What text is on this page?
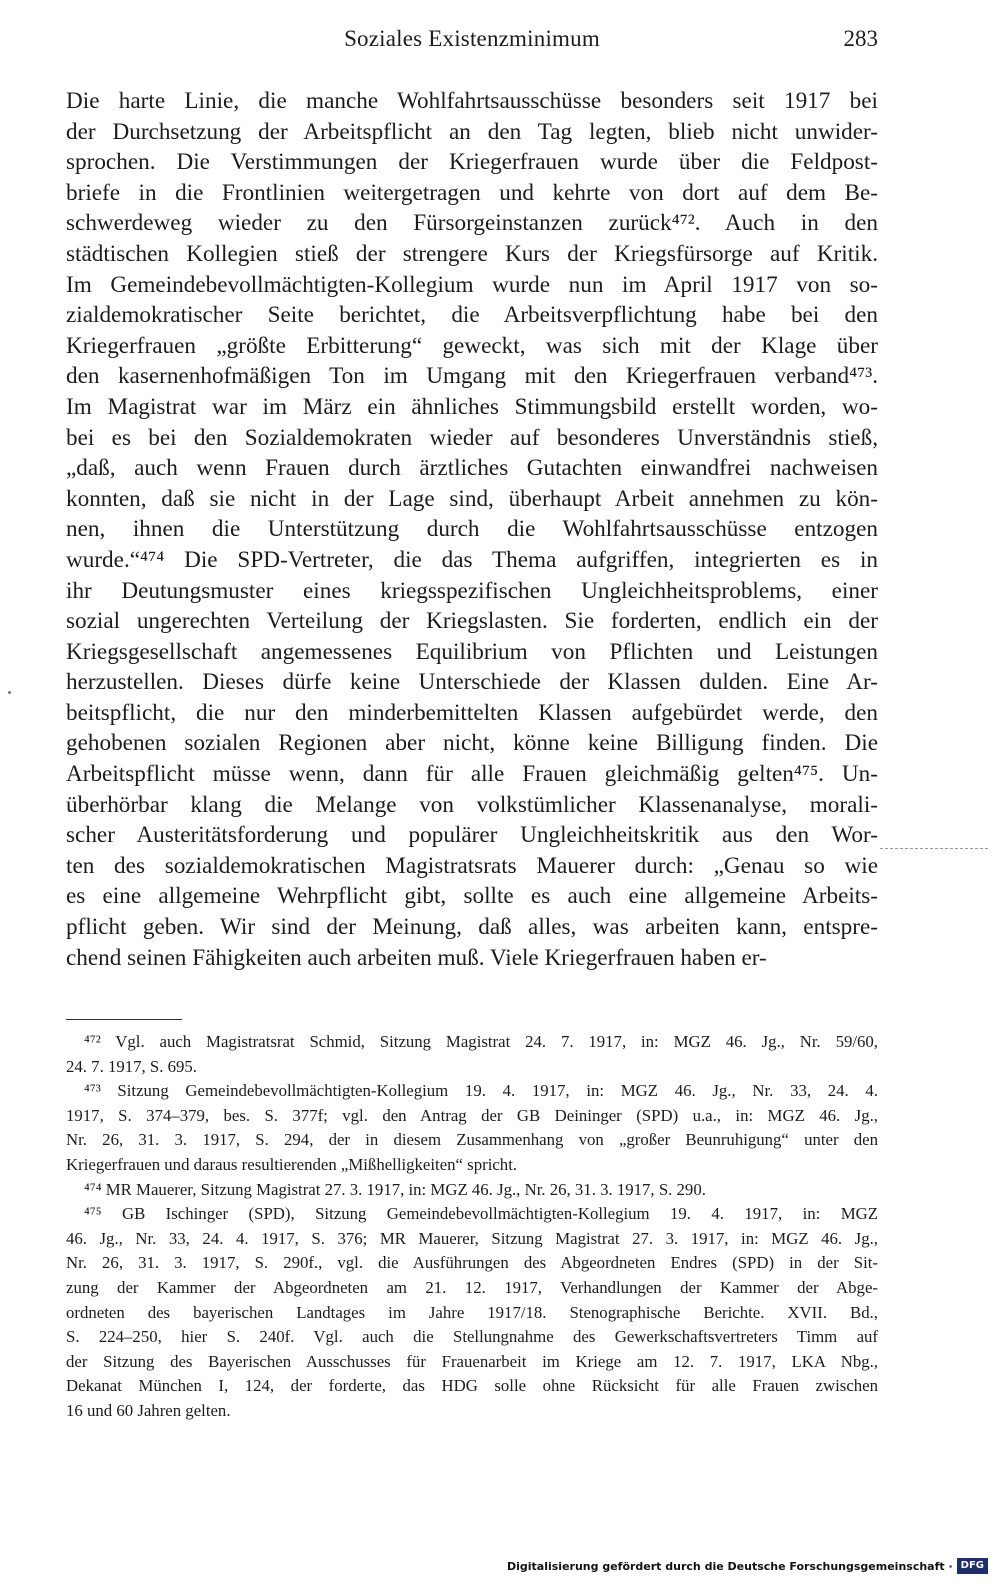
Soziales Existenzminimum	283
Die harte Linie, die manche Wohlfahrtsausschüsse besonders seit 1917 bei
der Durchsetzung der Arbeitspflicht an den Tag legten, blieb nicht unwider-
sprochen. Die Verstimmungen der Kriegerfrauen wurde über die Feldpost-
briefe in die Frontlinien weitergetragen und kehrte von dort auf dem Be-
schwerdeweg wieder zu den Fürsorgeinstanzen zurück⁴⁷². Auch in den
städtischen Kollegien stieß der strengere Kurs der Kriegsfürsorge auf Kritik.
Im Gemeindebevollmächtigten-Kollegium wurde nun im April 1917 von so-
zialdemokratischer Seite berichtet, die Arbeitsverpflichtung habe bei den
Kriegerfrauen „größte Erbitterung“ geweckt, was sich mit der Klage über
den kasernenhofmäßigen Ton im Umgang mit den Kriegerfrauen verband⁴⁷³.
Im Magistrat war im März ein ähnliches Stimmungsbild erstellt worden, wo-
bei es bei den Sozialdemokraten wieder auf besonderes Unverständnis stieß,
„daß, auch wenn Frauen durch ärztliches Gutachten einwandfrei nachweisen
konnten, daß sie nicht in der Lage sind, überhaupt Arbeit annehmen zu kön-
nen, ihnen die Unterstützung durch die Wohlfahrtsausschüsse entzogen
wurde.“⁴⁷⁴ Die SPD-Vertreter, die das Thema aufgriffen, integrierten es in
ihr Deutungsmuster eines kriegsspezifischen Ungleichheitsproblems, einer
sozial ungerechten Verteilung der Kriegslasten. Sie forderten, endlich ein der
Kriegsgesellschaft angemessenes Equilibrium von Pflichten und Leistungen
herzustellen. Dieses dürfe keine Unterschiede der Klassen dulden. Eine Ar-
beitspflicht, die nur den minderbemittelten Klassen aufgebürdet werde, den
gehobenen sozialen Regionen aber nicht, könne keine Billigung finden. Die
Arbeitspflicht müsse wenn, dann für alle Frauen gleichmäßig gelten⁴⁷⁵. Un-
überhörbar klang die Melange von volkstümlicher Klassenanalyse, morali-
scher Austeritätsforderung und populärer Ungleichheitskritik aus den Wor-
ten des sozialdemokratischen Magistratsrats Mauerer durch: „Genau so wie
es eine allgemeine Wehrpflicht gibt, sollte es auch eine allgemeine Arbeits-
pflicht geben. Wir sind der Meinung, daß alles, was arbeiten kann, entspre-
chend seinen Fähigkeiten auch arbeiten muß. Viele Kriegerfrauen haben er-
⁴⁷² Vgl. auch Magistratsrat Schmid, Sitzung Magistrat 24. 7. 1917, in: MGZ 46. Jg., Nr. 59/60,
24. 7. 1917, S. 695.
⁴⁷³ Sitzung Gemeindebevollmächtigten-Kollegium 19. 4. 1917, in: MGZ 46. Jg., Nr. 33, 24. 4.
1917, S. 374–379, bes. S. 377f; vgl. den Antrag der GB Deininger (SPD) u.a., in: MGZ 46. Jg.,
Nr. 26, 31. 3. 1917, S. 294, der in diesem Zusammenhang von „großer Beunruhigung“ unter den
Kriegerfrauen und daraus resultierenden „Mißhelligkeiten“ spricht.
⁴⁷⁴ MR Mauerer, Sitzung Magistrat 27. 3. 1917, in: MGZ 46. Jg., Nr. 26, 31. 3. 1917, S. 290.
⁴⁷⁵ GB Ischinger (SPD), Sitzung Gemeindebevollmächtigten-Kollegium 19. 4. 1917, in: MGZ
46. Jg., Nr. 33, 24. 4. 1917, S. 376; MR Mauerer, Sitzung Magistrat 27. 3. 1917, in: MGZ 46. Jg.,
Nr. 26, 31. 3. 1917, S. 290f., vgl. die Ausführungen des Abgeordneten Endres (SPD) in der Sit-
zung der Kammer der Abgeordneten am 21. 12. 1917, Verhandlungen der Kammer der Abge-
ordneten des bayerischen Landtages im Jahre 1917/18. Stenographische Berichte. XVII. Bd.,
S. 224–250, hier S. 240f. Vgl. auch die Stellungnahme des Gewerkschaftsvertreters Timm auf
der Sitzung des Bayerischen Ausschusses für Frauenarbeit im Kriege am 12. 7. 1917, LKA Nbg.,
Dekanat München I, 124, der forderte, das HDG solle ohne Rücksicht für alle Frauen zwischen
16 und 60 Jahren gelten.
Digitalisierung gefördert durch die Deutsche Forschungsgemeinschaft · DFG
